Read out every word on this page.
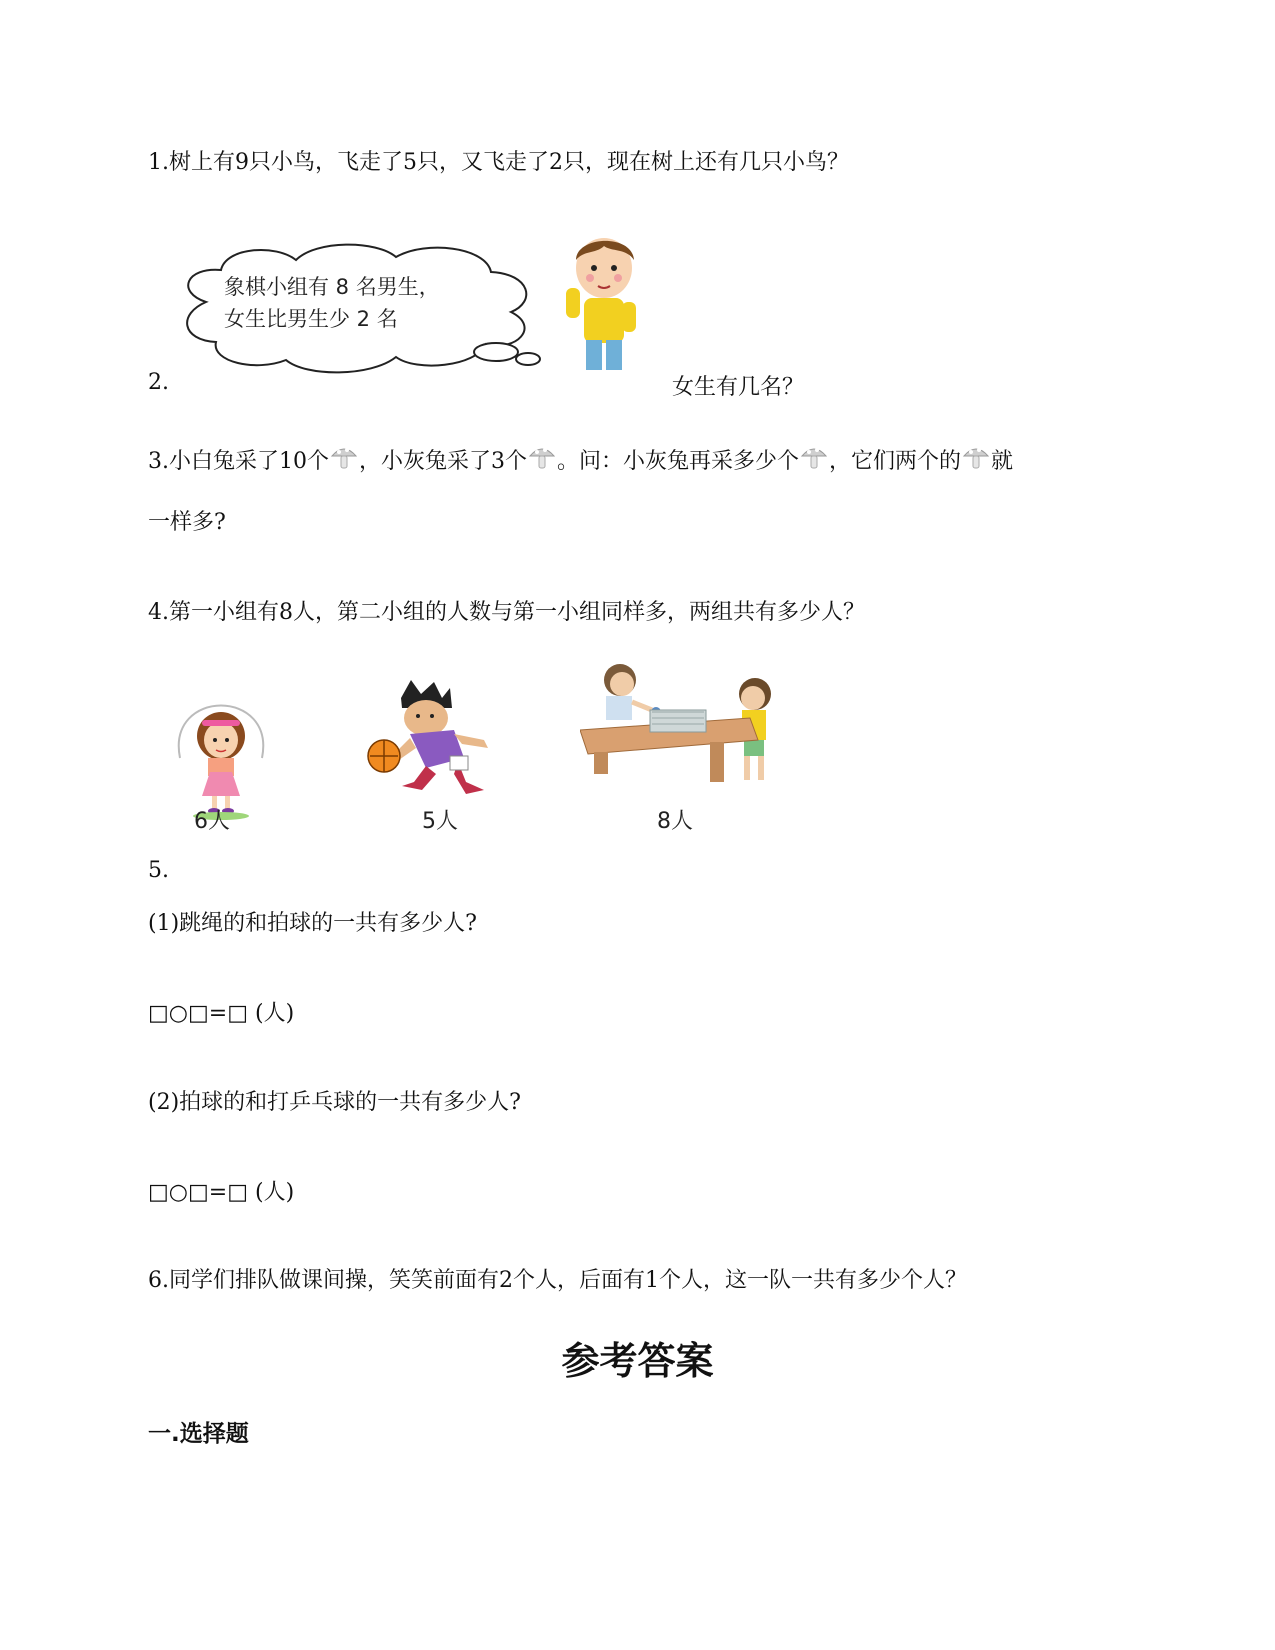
1.树上有9只小鸟，飞走了5只，又飞走了2只，现在树上还有几只小鸟？
2.
象棋小组有 8 名男生，
女生比男生少 2 名
女生有几名？
3.小白兔采了10个 ，小灰兔采了3个 。问：小灰兔再采多少个 ，它们两个的 就
一样多?
4.第一小组有8人，第二小组的人数与第一小组同样多，两组共有多少人？
6人	5人	8人
5.
(1)跳绳的和拍球的一共有多少人?
□○□=□ (人)
(2)拍球的和打乒乓球的一共有多少人?
□○□=□ (人)
6.同学们排队做课间操，笑笑前面有2个人，后面有1个人，这一队一共有多少个人？
参考答案
一.选择题
